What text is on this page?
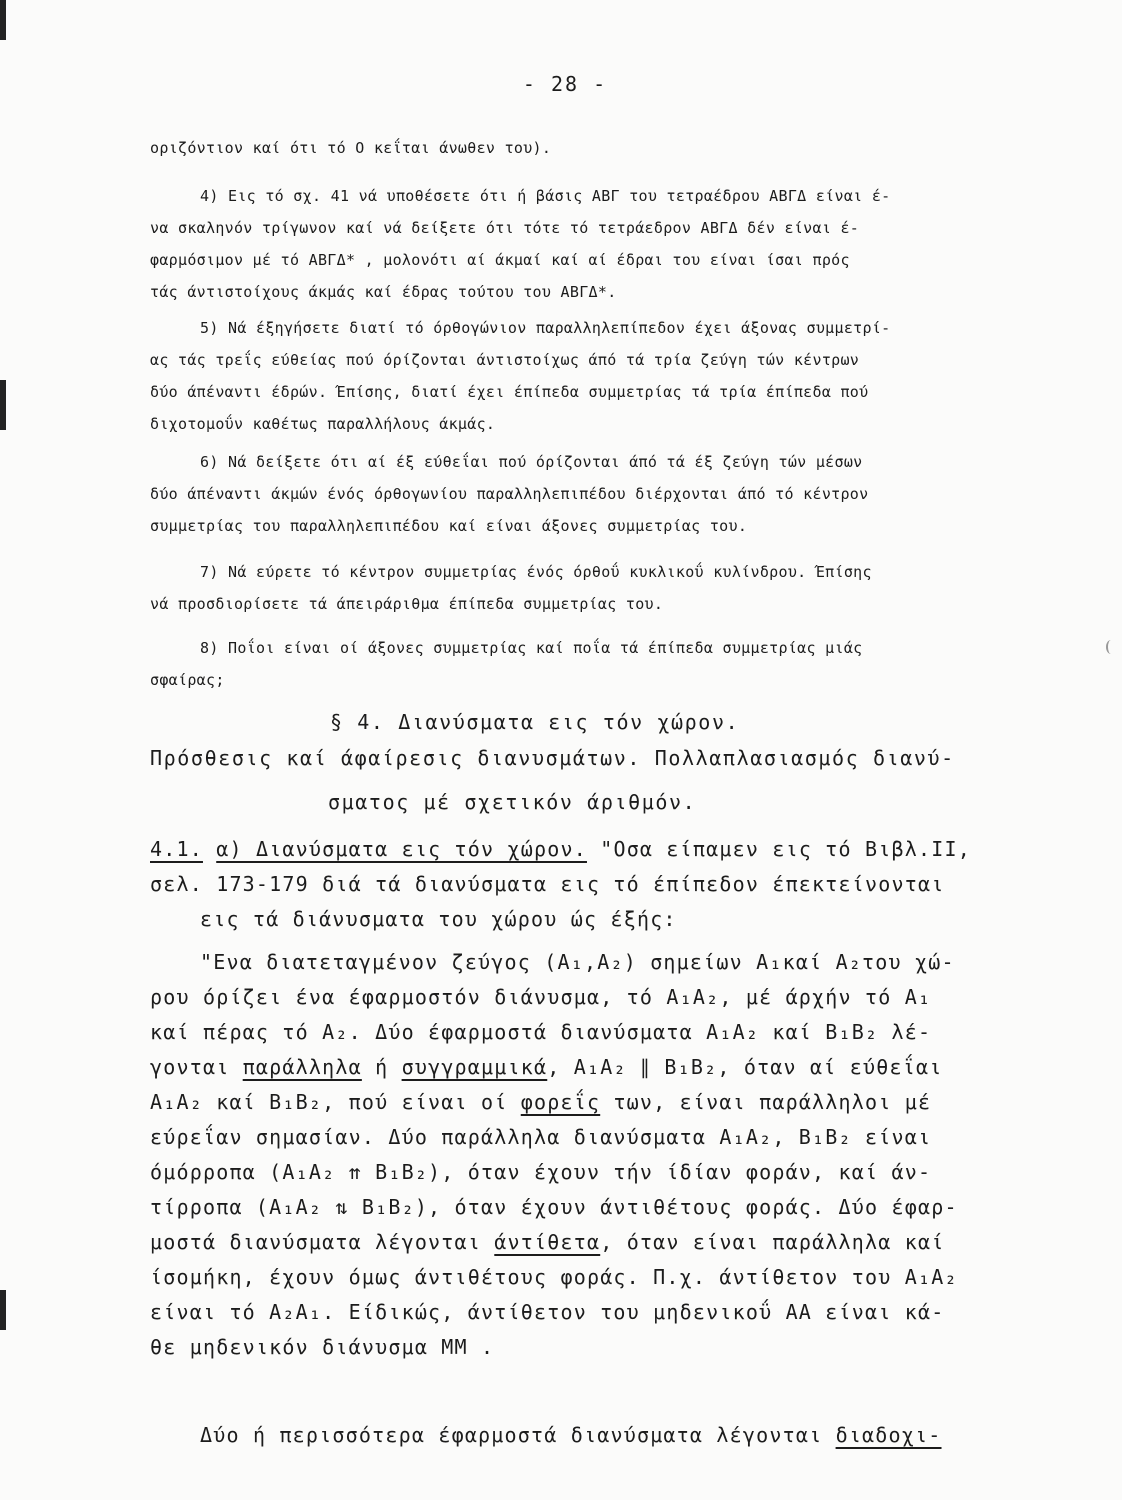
- 28 -
οριζόντιον καί ότι τό Ο κεΐται άνωθεν του).
4) Εις τό σχ. 41 νά υποθέσετε ότι ή βάσις ΑΒΓ του τετραέδρου ΑΒΓΔ είναι έ-
να σκαληνόν τρίγωνον καί νά δείξετε ότι τότε τό τετράεδρον ΑΒΓΔ δέν είναι έ-
φαρμόσιμον μέ τό ΑΒΓΔ* , μολονότι αί άκμαί καί αί έδραι του είναι ίσαι πρός
τάς άντιστοίχους άκμάς καί έδρας τούτου του ΑΒΓΔ*.
5) Νά έξηγήσετε διατί τό όρθογώνιον παραλληλεπίπεδον έχει άξονας συμμετρί-
ας τάς τρεΐς εύθείας πού όρίζονται άντιστοίχως άπό τά τρία ζεύγη τών κέντρων
δύο άπέναντι έδρών. Έπίσης, διατί έχει έπίπεδα συμμετρίας τά τρία έπίπεδα πού
διχοτομοΰν καθέτως παραλλήλους άκμάς.
6) Νά δείξετε ότι αί έξ εύθεΐαι πού όρίζονται άπό τά έξ ζεύγη τών μέσων
δύο άπέναντι άκμών ένός όρθογωνίου παραλληλεπιπέδου διέρχονται άπό τό κέντρον
συμμετρίας του παραλληλεπιπέδου καί είναι άξονες συμμετρίας του.
7) Νά εύρετε τό κέντρον συμμετρίας ένός όρθοΰ κυκλικοΰ κυλίνδρου. Έπίσης
νά προσδιορίσετε τά άπειράριθμα έπίπεδα συμμετρίας του.
8) Ποΐοι είναι οί άξονες συμμετρίας καί ποΐα τά έπίπεδα συμμετρίας μιάς
σφαίρας;
§ 4. Διανύσματα εις τόν χώρον.
Πρόσθεσις καί άφαίρεσις διανυσμάτων. Πολλαπλασιασμός διανύ-
σματος μέ σχετικόν άριθμόν.
4.1. α) Διανύσματα εις τόν χώρον. "Οσα είπαμεν εις τό Βιβλ.ΙΙ,
σελ. 173-179 διά τά διανύσματα εις τό έπίπεδον έπεκτείνονται
εις τά διάνυσματα του χώρου ώς έξής:
"Ενα διατεταγμένον ζεύγος (Α₁,Α₂) σημείων Α₁καί Α₂του χώ-
ρου όρίζει ένα έφαρμοστόν διάνυσμα, τό Α₁Α₂, μέ άρχήν τό Α₁
καί πέρας τό Α₂. Δύο έφαρμοστά διανύσματα Α₁Α₂ καί Β₁Β₂ λέ-
γονται παράλληλα ή συγγραμμικά, Α₁Α₂ ∥ Β₁Β₂, όταν αί εύθεΐαι
Α₁Α₂ καί Β₁Β₂, πού είναι οί φορεΐς των, είναι παράλληλοι μέ
εύρεΐαν σημασίαν. Δύο παράλληλα διανύσματα Α₁Α₂, Β₁Β₂ είναι
όμόρροπα (Α₁Α₂ ⇈ Β₁Β₂), όταν έχουν τήν ίδίαν φοράν, καί άν-
τίρροπα (Α₁Α₂ ⇅ Β₁Β₂), όταν έχουν άντιθέτους φοράς. Δύο έφαρ-
μοστά διανύσματα λέγονται άντίθετα, όταν είναι παράλληλα καί
ίσομήκη, έχουν όμως άντιθέτους φοράς. Π.χ. άντίθετον του Α₁Α₂
είναι τό Α₂Α₁. Είδικώς, άντίθετον του μηδενικοΰ ΑΑ είναι κά-
θε μηδενικόν διάνυσμα ΜΜ .
Δύο ή περισσότερα έφαρμοστά διανύσματα λέγονται διαδοχι-
